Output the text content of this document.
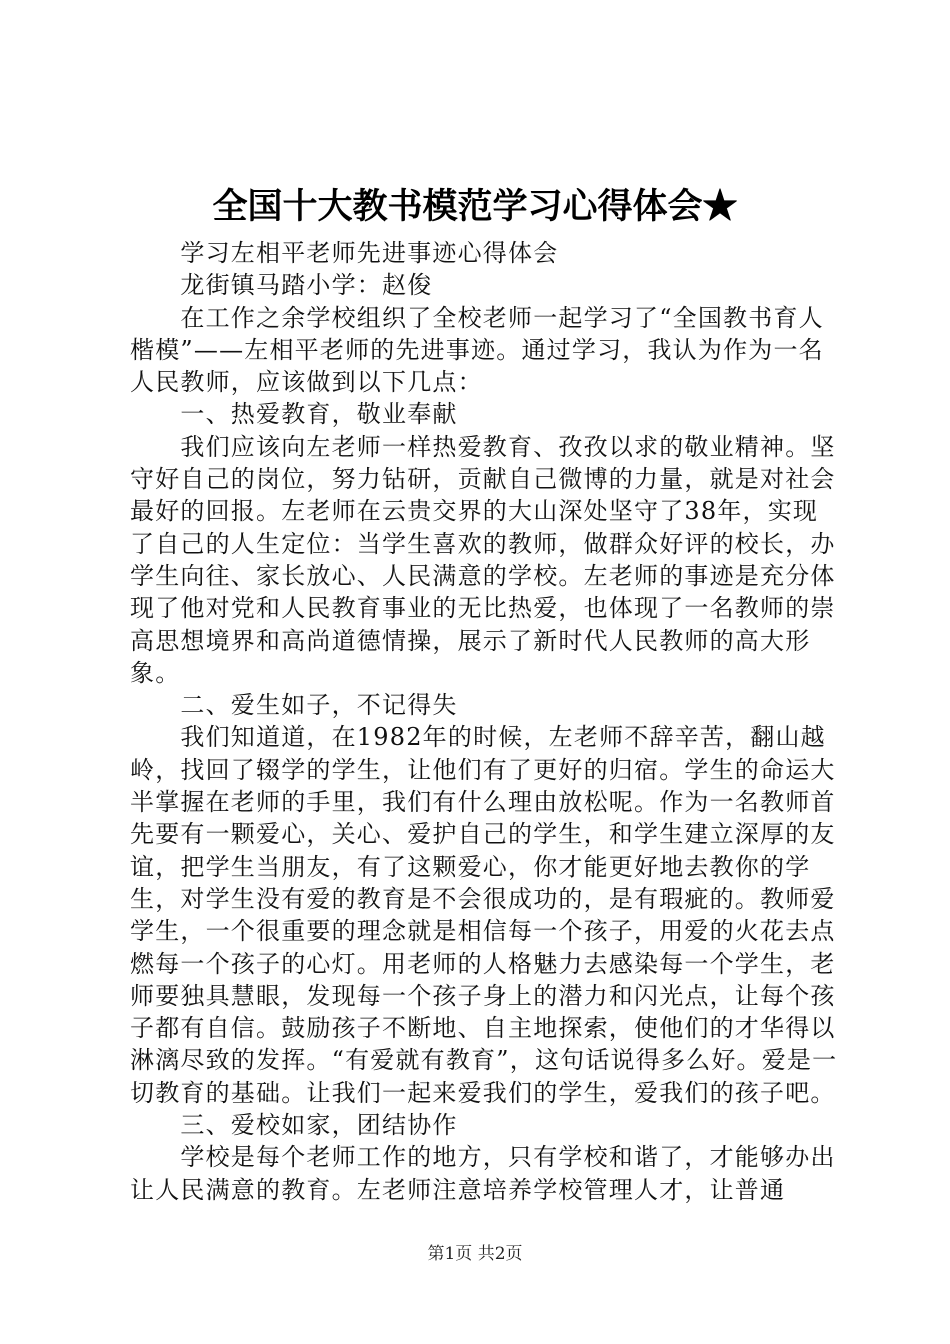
全国十大教书模范学习心得体会★

学习左相平老师先进事迹心得体会

龙街镇马踏小学：赵俊

在工作之余学校组织了全校老师一起学习了“全国教书育人楷模”——左相平老师的先进事迹。通过学习，我认为作为一名人民教师，应该做到以下几点：

一、热爱教育，敬业奉献

我们应该向左老师一样热爱教育、孜孜以求的敬业精神。坚守好自己的岗位，努力钻研，贡献自己微博的力量，就是对社会最好的回报。左老师在云贵交界的大山深处坚守了38年，实现了自己的人生定位：当学生喜欢的教师，做群众好评的校长，办学生向往、家长放心、人民满意的学校。左老师的事迹是充分体现了他对党和人民教育事业的无比热爱，也体现了一名教师的崇高思想境界和高尚道德情操，展示了新时代人民教师的高大形象。

二、爱生如子，不记得失

我们知道道，在1982年的时候，左老师不辞辛苦，翻山越岭，找回了辍学的学生，让他们有了更好的归宿。学生的命运大半掌握在老师的手里，我们有什么理由放松呢。作为一名教师首先要有一颗爱心，关心、爱护自己的学生，和学生建立深厚的友谊，把学生当朋友，有了这颗爱心，你才能更好地去教你的学生，对学生没有爱的教育是不会很成功的，是有瑕疵的。教师爱学生，一个很重要的理念就是相信每一个孩子，用爱的火花去点燃每一个孩子的心灯。用老师的人格魅力去感染每一个学生，老师要独具慧眼，发现每一个孩子身上的潜力和闪光点，让每个孩子都有自信。鼓励孩子不断地、自主地探索，使他们的才华得以淋漓尽致的发挥。“有爱就有教育”，这句话说得多么好。爱是一切教育的基础。让我们一起来爱我们的学生，爱我们的孩子吧。

三、爱校如家，团结协作

学校是每个老师工作的地方，只有学校和谐了，才能够办出让人民满意的教育。左老师注意培养学校管理人才，让普通

第1页 共2页
